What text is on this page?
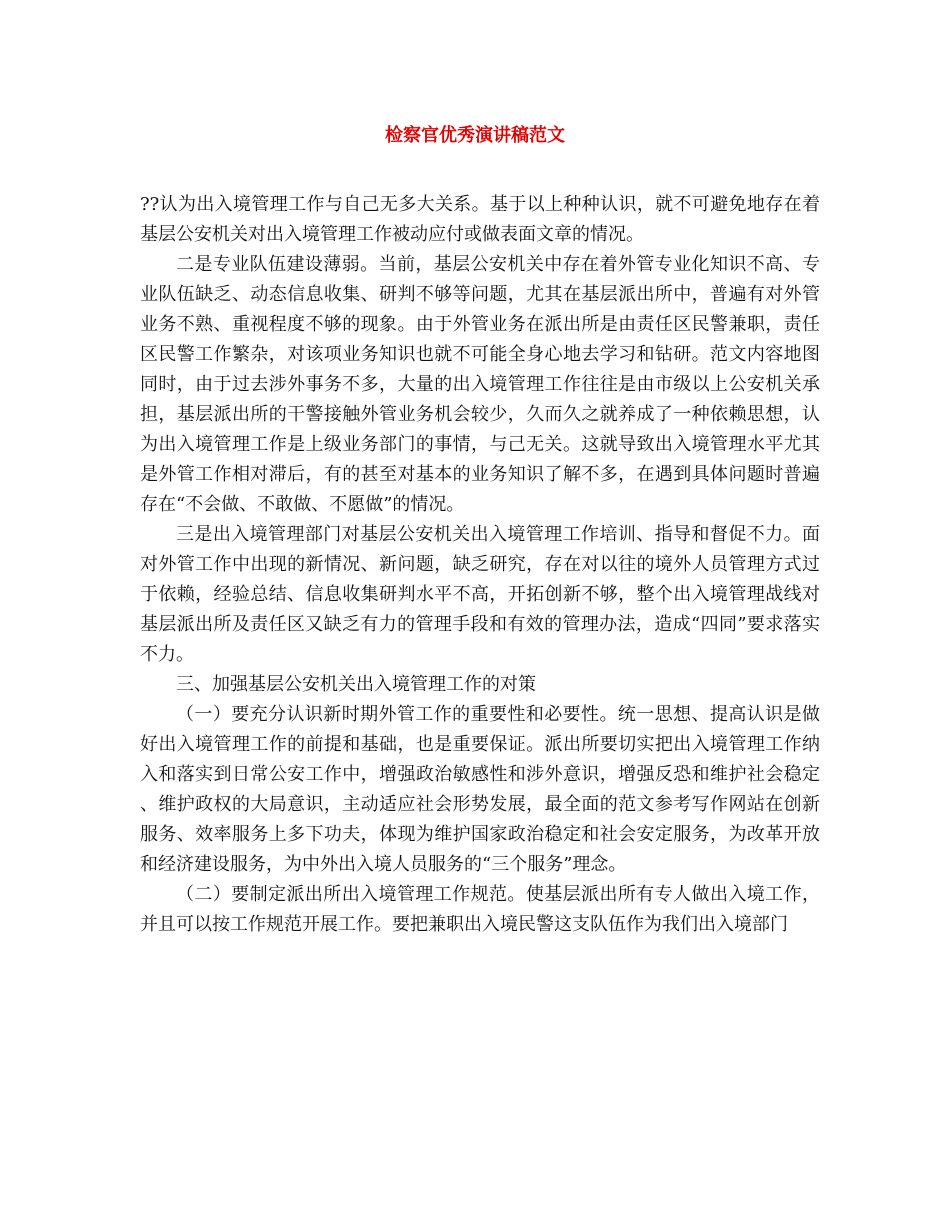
检察官优秀演讲稿范文

??认为出入境管理工作与自己无多大关系。基于以上种种认识，就不可避免地存在着基层公安机关对出入境管理工作被动应付或做表面文章的情况。

二是专业队伍建设薄弱。当前，基层公安机关中存在着外管专业化知识不高、专业队伍缺乏、动态信息收集、研判不够等问题，尤其在基层派出所中，普遍有对外管业务不熟、重视程度不够的现象。由于外管业务在派出所是由责任区民警兼职，责任区民警工作繁杂，对该项业务知识也就不可能全身心地去学习和钻研。范文内容地图同时，由于过去涉外事务不多，大量的出入境管理工作往往是由市级以上公安机关承担，基层派出所的干警接触外管业务机会较少，久而久之就养成了一种依赖思想，认为出入境管理工作是上级业务部门的事情，与己无关。这就导致出入境管理水平尤其是外管工作相对滞后，有的甚至对基本的业务知识了解不多，在遇到具体问题时普遍存在“不会做、不敢做、不愿做”的情况。

三是出入境管理部门对基层公安机关出入境管理工作培训、指导和督促不力。面对外管工作中出现的新情况、新问题，缺乏研究，存在对以往的境外人员管理方式过于依赖，经验总结、信息收集研判水平不高，开拓创新不够，整个出入境管理战线对基层派出所及责任区又缺乏有力的管理手段和有效的管理办法，造成“四同”要求落实不力。

三、加强基层公安机关出入境管理工作的对策

（一）要充分认识新时期外管工作的重要性和必要性。统一思想、提高认识是做好出入境管理工作的前提和基础，也是重要保证。派出所要切实把出入境管理工作纳入和落实到日常公安工作中，增强政治敏感性和涉外意识，增强反恐和维护社会稳定、维护政权的大局意识，主动适应社会形势发展，最全面的范文参考写作网站在创新服务、效率服务上多下功夫，体现为维护国家政治稳定和社会安定服务，为改革开放和经济建设服务，为中外出入境人员服务的“三个服务”理念。

（二）要制定派出所出入境管理工作规范。使基层派出所有专人做出入境工作，并且可以按工作规范开展工作。要把兼职出入境民警这支队伍作为我们出入境部门
